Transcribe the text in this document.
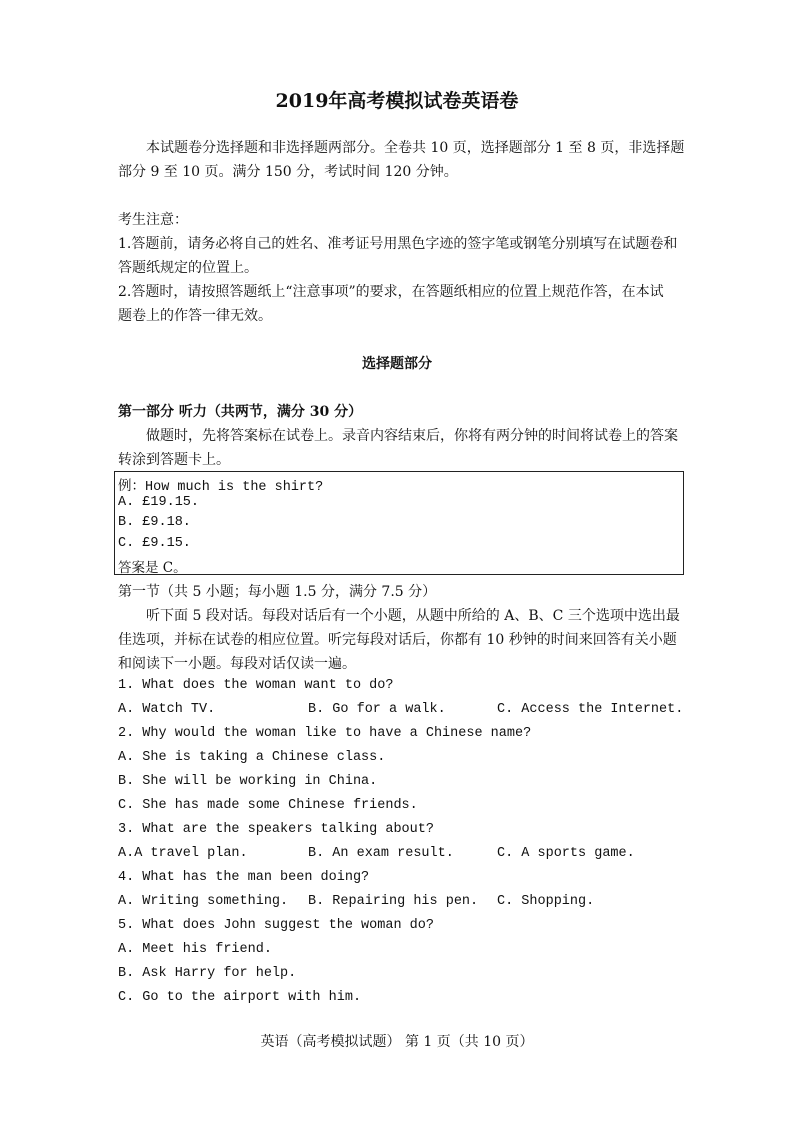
2019年高考模拟试卷英语卷
本试题卷分选择题和非选择题两部分。全卷共 10 页，选择题部分 1 至 8 页，非选择题
部分 9 至 10 页。满分 150 分，考试时间 120 分钟。
考生注意：
1.答题前，请务必将自己的姓名、准考证号用黑色字迹的签字笔或钢笔分别填写在试题卷和
答题纸规定的位置上。
2.答题时，请按照答题纸上“注意事项”的要求，在答题纸相应的位置上规范作答，在本试
题卷上的作答一律无效。
选择题部分
第一部分 听力（共两节，满分 30 分）
做题时，先将答案标在试卷上。录音内容结束后，你将有两分钟的时间将试卷上的答案
转涂到答题卡上。
例：How much is the shirt?
A. £19.15.
B. £9.18.
C. £9.15.
答案是 C。
第一节（共 5 小题；每小题 1.5 分，满分 7.5 分）
听下面 5 段对话。每段对话后有一个小题，从题中所给的 A、B、C 三个选项中选出最
佳选项，并标在试卷的相应位置。听完每段对话后，你都有 10 秒钟的时间来回答有关小题
和阅读下一小题。每段对话仅读一遍。
1. What does the woman want to do?
A. Watch TV.	B. Go for a walk.	C. Access the Internet.
2. Why would the woman like to have a Chinese name?
A. She is taking a Chinese class.
B. She will be working in China.
C. She has made some Chinese friends.
3. What are the speakers talking about?
A.A travel plan.	B. An exam result.	C. A sports game.
4. What has the man been doing?
A. Writing something. B. Repairing his pen. C. Shopping.
5. What does John suggest the woman do?
A. Meet his friend.
B. Ask Harry for help.
C. Go to the airport with him.
英语（高考模拟试题） 第 1 页（共 10 页）
